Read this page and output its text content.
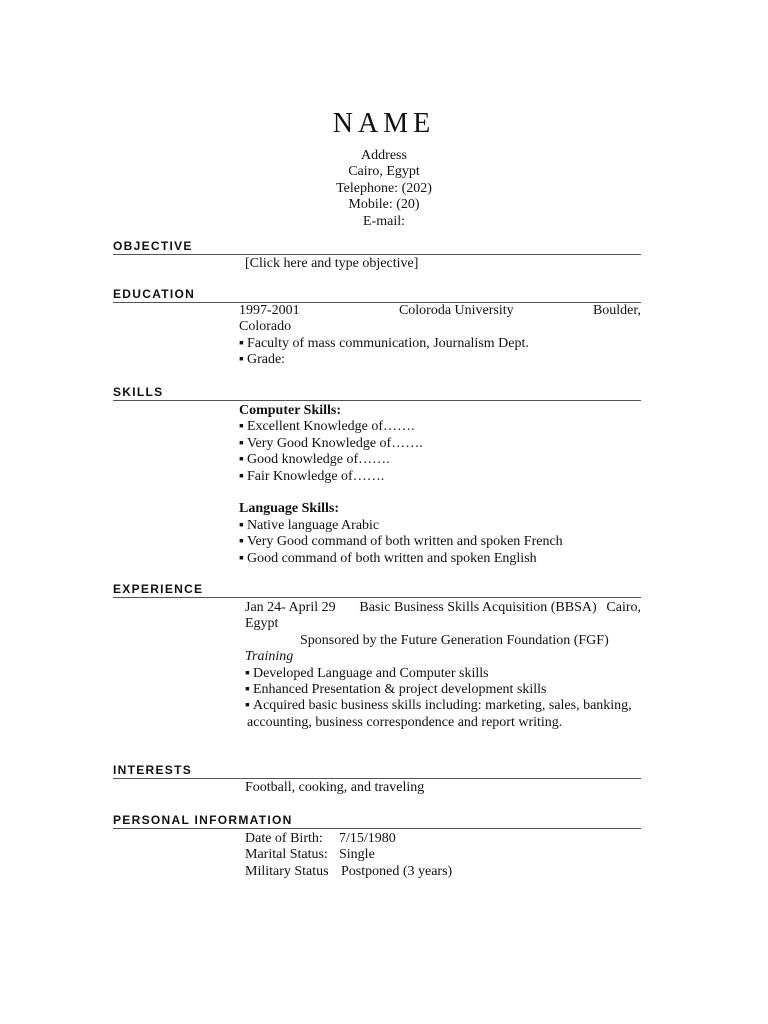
NAME
Address
Cairo, Egypt
Telephone: (202)
Mobile: (20)
E-mail:
OBJECTIVE
[Click here and type objective]
EDUCATION
1997-2001	Coloroda University	Boulder,
Colorado
▪ Faculty of mass communication, Journalism Dept.
▪ Grade:
SKILLS
Computer Skills:
▪ Excellent Knowledge of…….
▪ Very Good Knowledge of…….
▪ Good knowledge of…….
▪ Fair Knowledge of…….

Language Skills:
▪ Native language Arabic
▪ Very Good command of both written and spoken French
▪ Good command of both written and spoken English
EXPERIENCE
Jan 24- April 29 Basic Business Skills Acquisition (BBSA) Cairo,
Egypt
Sponsored by the Future Generation Foundation (FGF)
Training
▪ Developed Language and Computer skills
▪ Enhanced Presentation & project development skills
▪ Acquired basic business skills including: marketing, sales, banking,
accounting, business correspondence and report writing.
INTERESTS
Football, cooking, and traveling
PERSONAL INFORMATION
Date of Birth:	7/15/1980
Marital Status: Single
Military Status Postponed (3 years)
